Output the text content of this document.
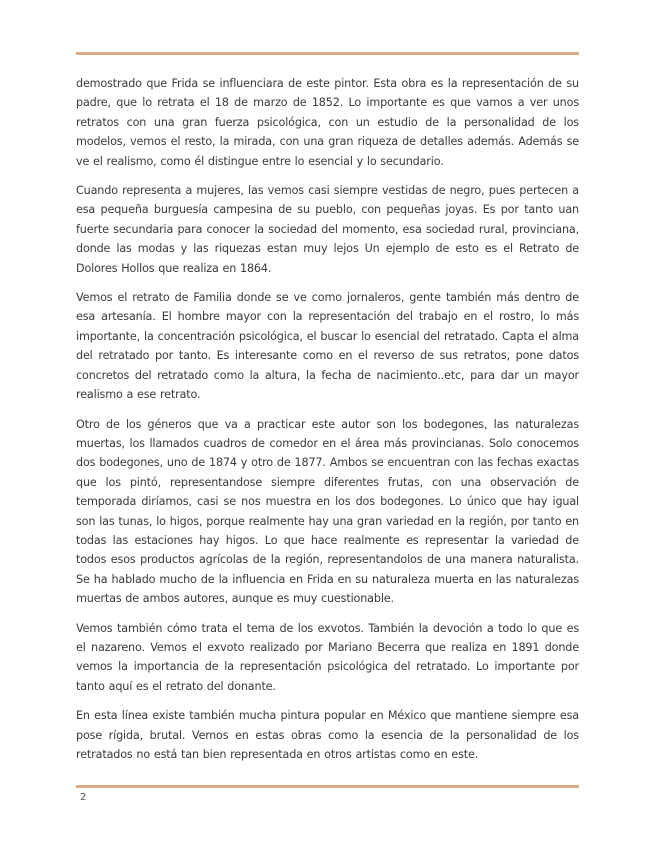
demostrado que Frida se influenciara de este pintor. Esta obra es la representación de su padre, que lo retrata el 18 de marzo de 1852. Lo importante es que vamos a ver unos retratos con una gran fuerza psicológica, con un estudio de la personalidad de los modelos, vemos el resto, la mirada, con una gran riqueza de detalles además. Además se ve el realismo, como él distingue entre lo esencial y lo secundario.

Cuando representa a mujeres, las vemos casi siempre vestidas de negro, pues pertecen a esa pequeña burguesía campesina de su pueblo, con pequeñas joyas. Es por tanto uan fuerte secundaria para conocer la sociedad del momento, esa sociedad rural, provinciana, donde las modas y las riquezas estan muy lejos Un ejemplo de esto es el Retrato de Dolores Hollos que realiza en 1864.

Vemos el retrato de Familia donde se ve como jornaleros, gente también más dentro de esa artesanía. El hombre mayor con la representación del trabajo en el rostro, lo más importante, la concentración psicológica, el buscar lo esencial del retratado. Capta el alma del retratado por tanto. Es interesante como en el reverso de sus retratos, pone datos concretos del retratado como la altura, la fecha de nacimiento..etc, para dar un mayor realismo a ese retrato.

Otro de los géneros que va a practicar este autor son los bodegones, las naturalezas muertas, los llamados cuadros de comedor en el área más provincianas. Solo conocemos dos bodegones, uno de 1874 y otro de 1877. Ambos se encuentran con las fechas exactas que los pintó, representandose siempre diferentes frutas, con una observación de temporada diríamos, casi se nos muestra en los dos bodegones. Lo único que hay igual son las tunas, lo higos, porque realmente hay una gran variedad en la región, por tanto en todas las estaciones hay higos. Lo que hace realmente es representar la variedad de todos esos productos agrícolas de la región, representandolos de una manera naturalista. Se ha hablado mucho de la influencia en Frida en su naturaleza muerta en las naturalezas muertas de ambos autores, aunque es muy cuestionable.

Vemos también cómo trata el tema de los exvotos. También la devoción a todo lo que es el nazareno. Vemos el exvoto realizado por Mariano Becerra que realiza en 1891 donde vemos la importancia de la representación psicológica del retratado. Lo importante por tanto aquí es el retrato del donante.

En esta línea existe también mucha pintura popular en México que mantiene siempre esa pose rígida, brutal. Vemos en estas obras como la esencia de la personalidad de los retratados no está tan bien representada en otros artistas como en este.

2
